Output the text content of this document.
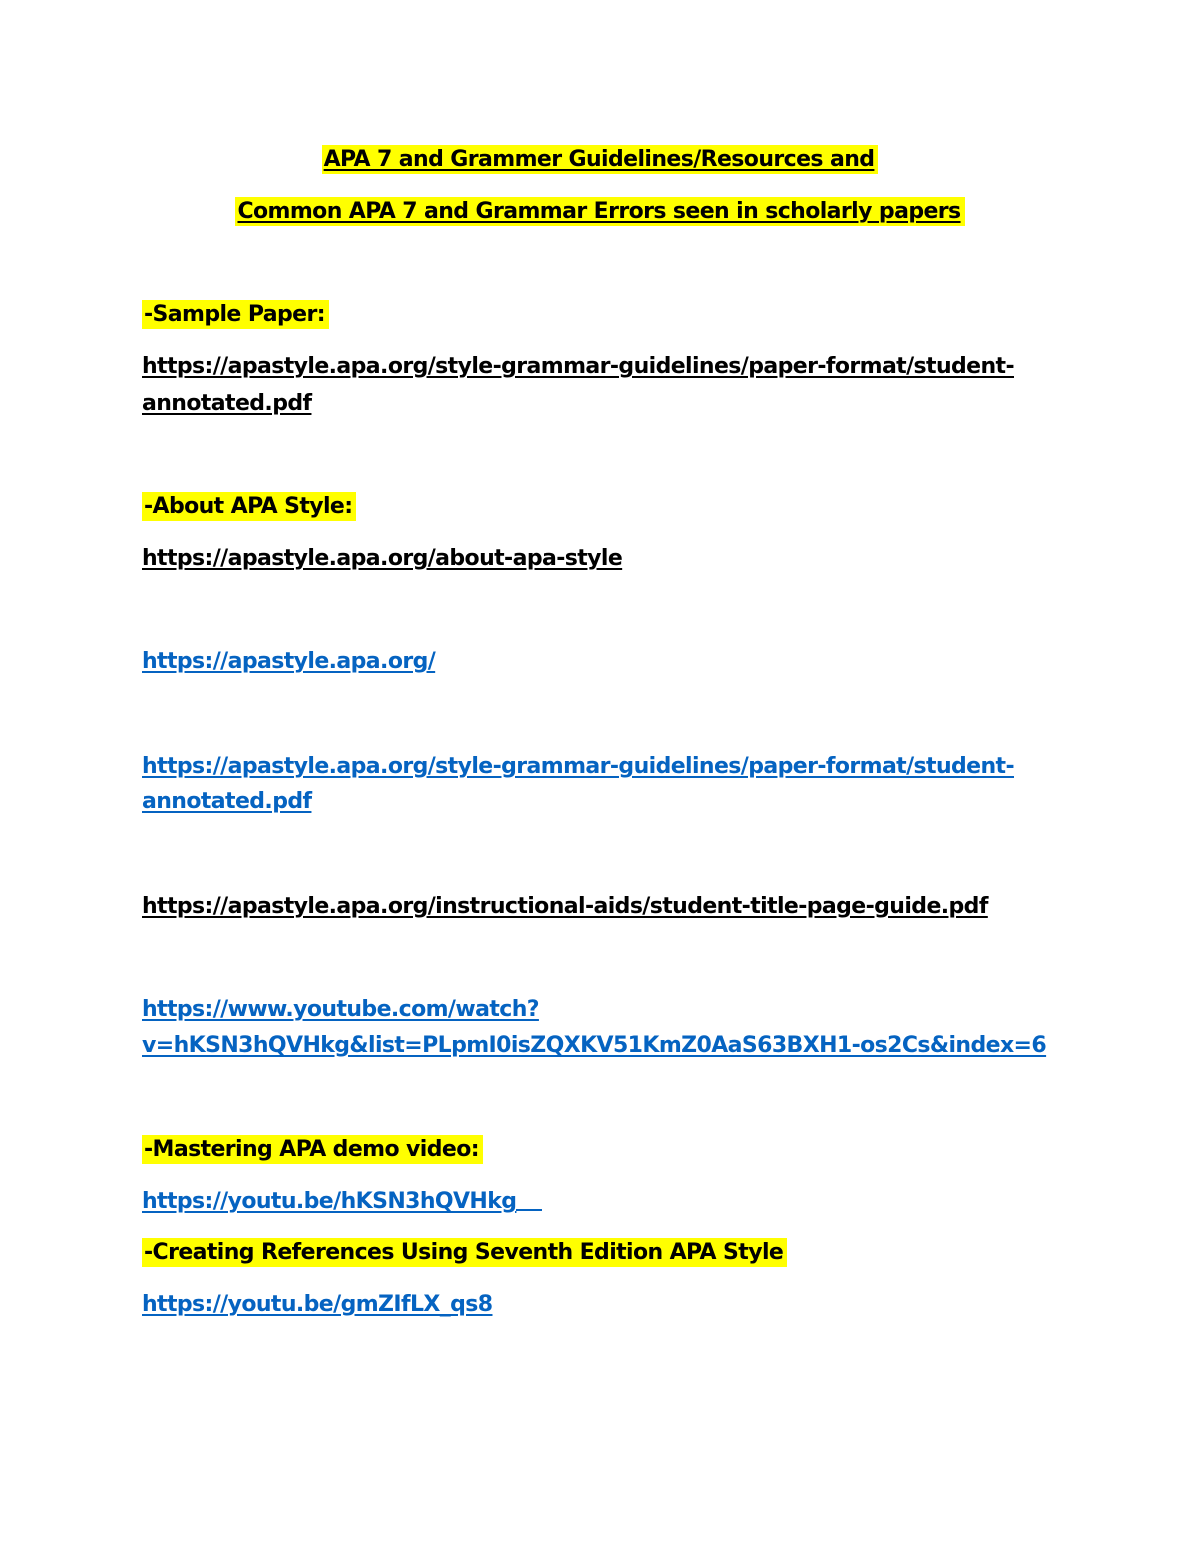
APA 7 and Grammer Guidelines/Resources and
Common APA 7 and Grammar Errors seen in scholarly papers
-Sample Paper:
https://apastyle.apa.org/style-grammar-guidelines/paper-format/student-
annotated.pdf
-About APA Style:
https://apastyle.apa.org/about-apa-style
https://apastyle.apa.org/
https://apastyle.apa.org/style-grammar-guidelines/paper-format/student-
annotated.pdf
https://apastyle.apa.org/instructional-aids/student-title-page-guide.pdf
https://www.youtube.com/watch?
v=hKSN3hQVHkg&list=PLpmI0isZQXKV51KmZ0AaS63BXH1-os2Cs&index=6
-Mastering APA demo video:
https://youtu.be/hKSN3hQVHkg
-Creating References Using Seventh Edition APA Style
https://youtu.be/gmZIfLX_qs8
